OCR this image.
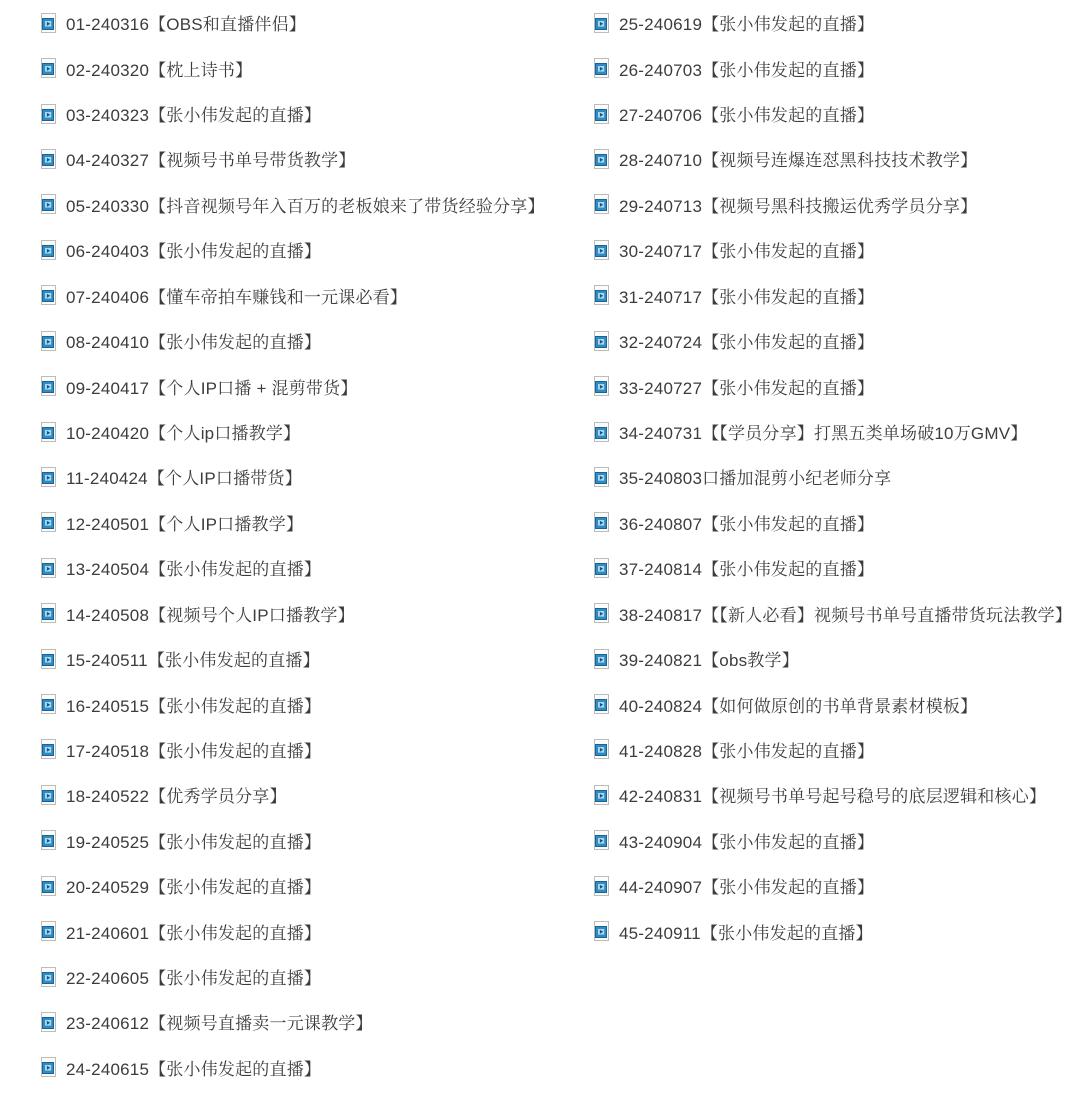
01-240316【OBS和直播伴侣】
02-240320【枕上诗书】
03-240323【张小伟发起的直播】
04-240327【视频号书单号带货教学】
05-240330【抖音视频号年入百万的老板娘来了带货经验分享】
06-240403【张小伟发起的直播】
07-240406【懂车帝拍车赚钱和一元课必看】
08-240410【张小伟发起的直播】
09-240417【个人IP口播 + 混剪带货】
10-240420【个人ip口播教学】
11-240424【个人IP口播带货】
12-240501【个人IP口播教学】
13-240504【张小伟发起的直播】
14-240508【视频号个人IP口播教学】
15-240511【张小伟发起的直播】
16-240515【张小伟发起的直播】
17-240518【张小伟发起的直播】
18-240522【优秀学员分享】
19-240525【张小伟发起的直播】
20-240529【张小伟发起的直播】
21-240601【张小伟发起的直播】
22-240605【张小伟发起的直播】
23-240612【视频号直播卖一元课教学】
24-240615【张小伟发起的直播】
25-240619【张小伟发起的直播】
26-240703【张小伟发起的直播】
27-240706【张小伟发起的直播】
28-240710【视频号连爆连怼黑科技技术教学】
29-240713【视频号黑科技搬运优秀学员分享】
30-240717【张小伟发起的直播】
31-240717【张小伟发起的直播】
32-240724【张小伟发起的直播】
33-240727【张小伟发起的直播】
34-240731【【学员分享】打黑五类单场破10万GMV】
35-240803口播加混剪小纪老师分享
36-240807【张小伟发起的直播】
37-240814【张小伟发起的直播】
38-240817【【新人必看】视频号书单号直播带货玩法教学】
39-240821【obs教学】
40-240824【如何做原创的书单背景素材模板】
41-240828【张小伟发起的直播】
42-240831【视频号书单号起号稳号的底层逻辑和核心】
43-240904【张小伟发起的直播】
44-240907【张小伟发起的直播】
45-240911【张小伟发起的直播】
